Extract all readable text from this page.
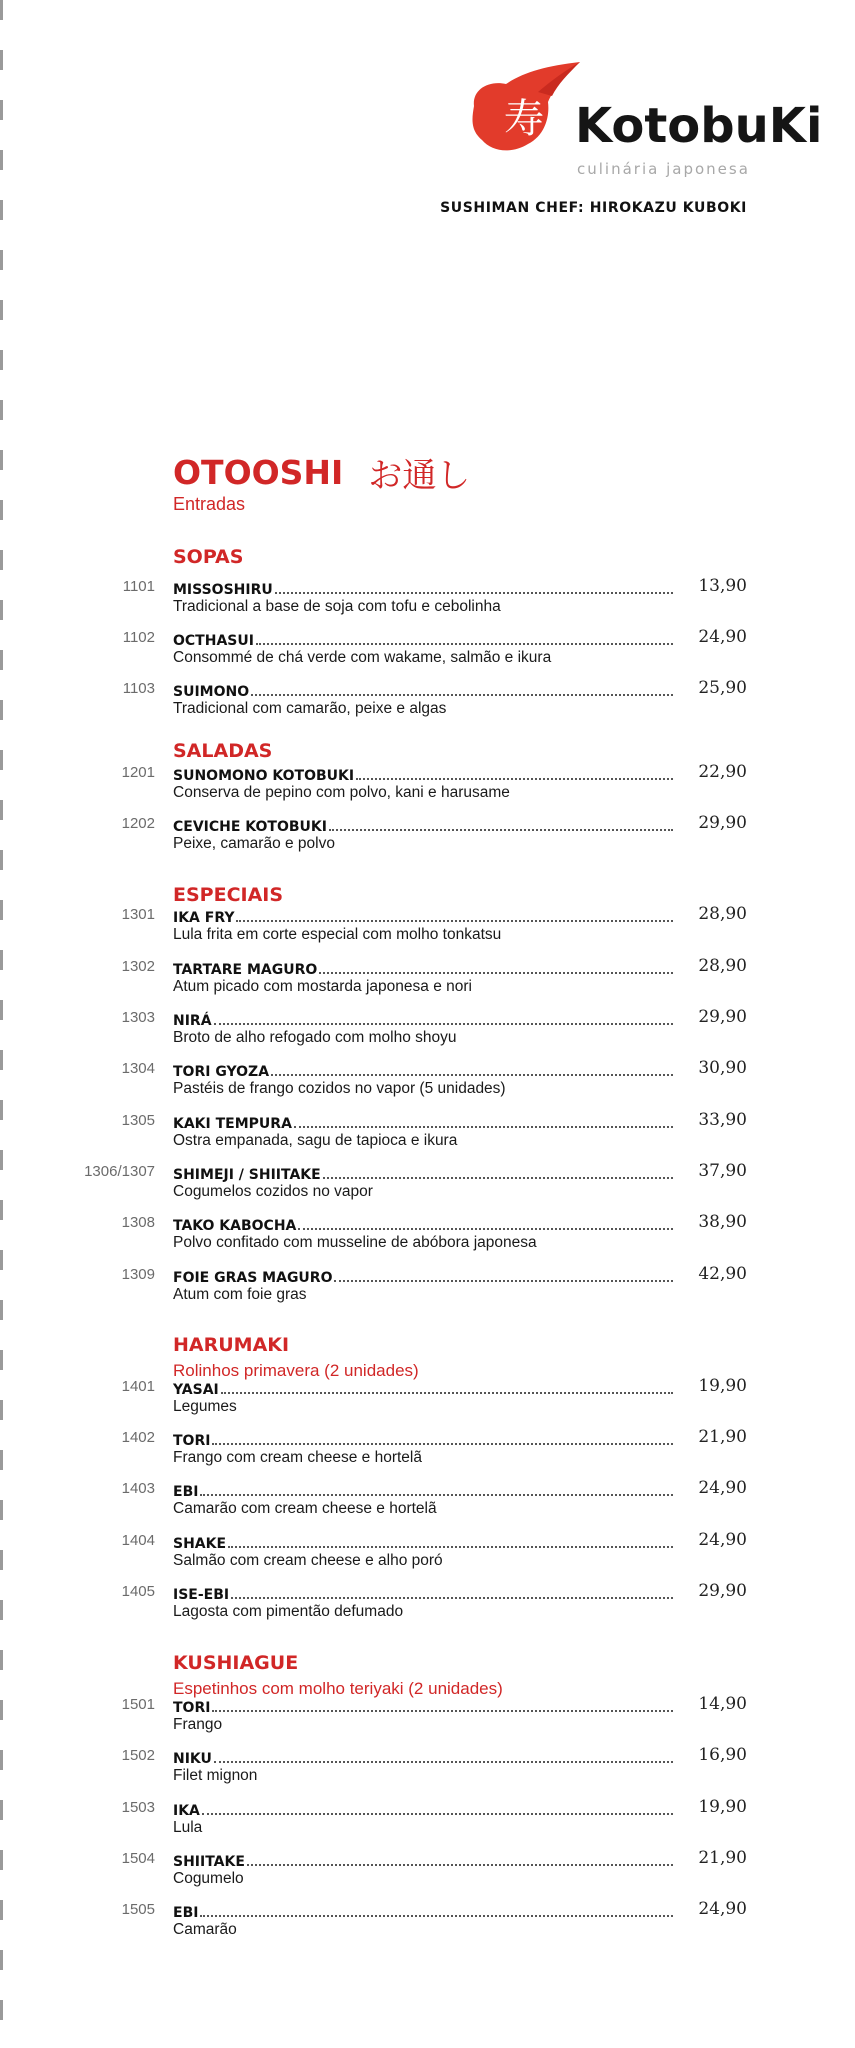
寿 KotobuKi
culinária japonesa
SUSHIMAN CHEF: HIROKAZU KUBOKI
OTOOSHI お通し
Entradas
SOPAS
1101 MISSOSHIRU	13,90
Tradicional a base de soja com tofu e cebolinha
1102 OCTHASUI	24,90
Consommé de chá verde com wakame, salmão e ikura
1103 SUIMONO	25,90
Tradicional com camarão, peixe e algas
SALADAS
1201 SUNOMONO KOTOBUKI	22,90
Conserva de pepino com polvo, kani e harusame
1202 CEVICHE KOTOBUKI	29,90
Peixe, camarão e polvo
ESPECIAIS
1301 IKA FRY	28,90
Lula frita em corte especial com molho tonkatsu
1302 TARTARE MAGURO	28,90
Atum picado com mostarda japonesa e nori
1303 NIRÁ	29,90
Broto de alho refogado com molho shoyu
1304 TORI GYOZA	30,90
Pastéis de frango cozidos no vapor (5 unidades)
1305 KAKI TEMPURA	33,90
Ostra empanada, sagu de tapioca e ikura
1306/1307 SHIMEJI / SHIITAKE	37,90
Cogumelos cozidos no vapor
1308 TAKO KABOCHA	38,90
Polvo confitado com musseline de abóbora japonesa
1309 FOIE GRAS MAGURO	42,90
Atum com foie gras
HARUMAKI
Rolinhos primavera (2 unidades)
1401 YASAI	19,90
Legumes
1402 TORI	21,90
Frango com cream cheese e hortelã
1403 EBI	24,90
Camarão com cream cheese e hortelã
1404 SHAKE	24,90
Salmão com cream cheese e alho poró
1405 ISE-EBI	29,90
Lagosta com pimentão defumado
KUSHIAGUE
Espetinhos com molho teriyaki (2 unidades)
1501 TORI	14,90
Frango
1502 NIKU	16,90
Filet mignon
1503 IKA	19,90
Lula
1504 SHIITAKE	21,90
Cogumelo
1505 EBI	24,90
Camarão
